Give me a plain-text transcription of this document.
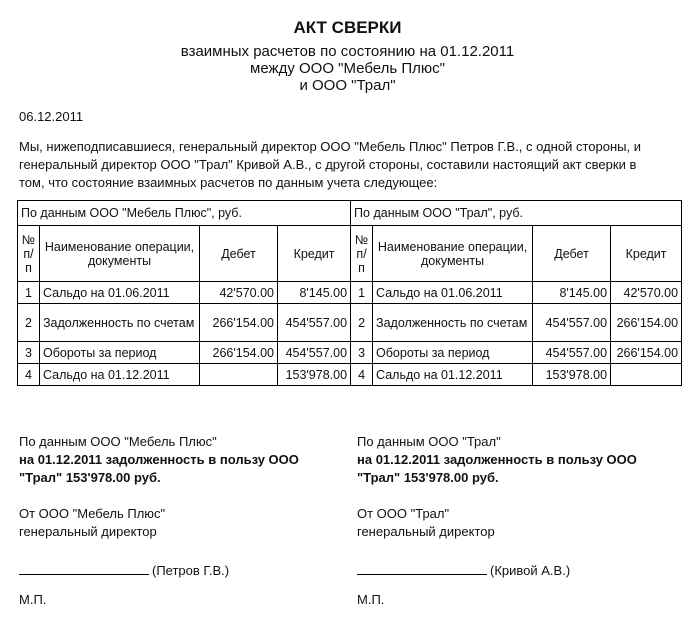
АКТ СВЕРКИ
взаимных расчетов по состоянию на 01.12.2011
между ООО "Мебель Плюс"
и ООО "Трал"
06.12.2011
Мы, нижеподписавшиеся, генеральный директор ООО "Мебель Плюс" Петров Г.В., с одной стороны, и
генеральный директор ООО "Трал" Кривой А.В., с другой стороны, составили настоящий акт сверки в
том, что состояние взаимных расчетов по данным учета следующее:
По данным ООО "Мебель Плюс", руб.				По данным ООО "Трал", руб.			
№ п/п	Наименование операции, документы	Дебет	Кредит	№ п/п	Наименование операции, документы	Дебет	Кредит
1	Сальдо на 01.06.2011	42'570.00	8'145.00	1	Сальдо на 01.06.2011	8'145.00	42'570.00
2	Задолженность по счетам	266'154.00	454'557.00	2	Задолженность по счетам	454'557.00	266'154.00
3	Обороты за период	266'154.00	454'557.00	3	Обороты за период	454'557.00	266'154.00
4	Сальдо на 01.12.2011		153'978.00	4	Сальдо на 01.12.2011	153'978.00	
По данным ООО "Мебель Плюс"
на 01.12.2011 задолженность в пользу ООО
"Трал" 153'978.00 руб.
По данным ООО "Трал"
на 01.12.2011 задолженность в пользу ООО
"Трал" 153'978.00 руб.
От ООО "Мебель Плюс"
генеральный директор
От ООО "Трал"
генеральный директор
(Петров Г.В.)	(Кривой А.В.)
М.П.	М.П.
